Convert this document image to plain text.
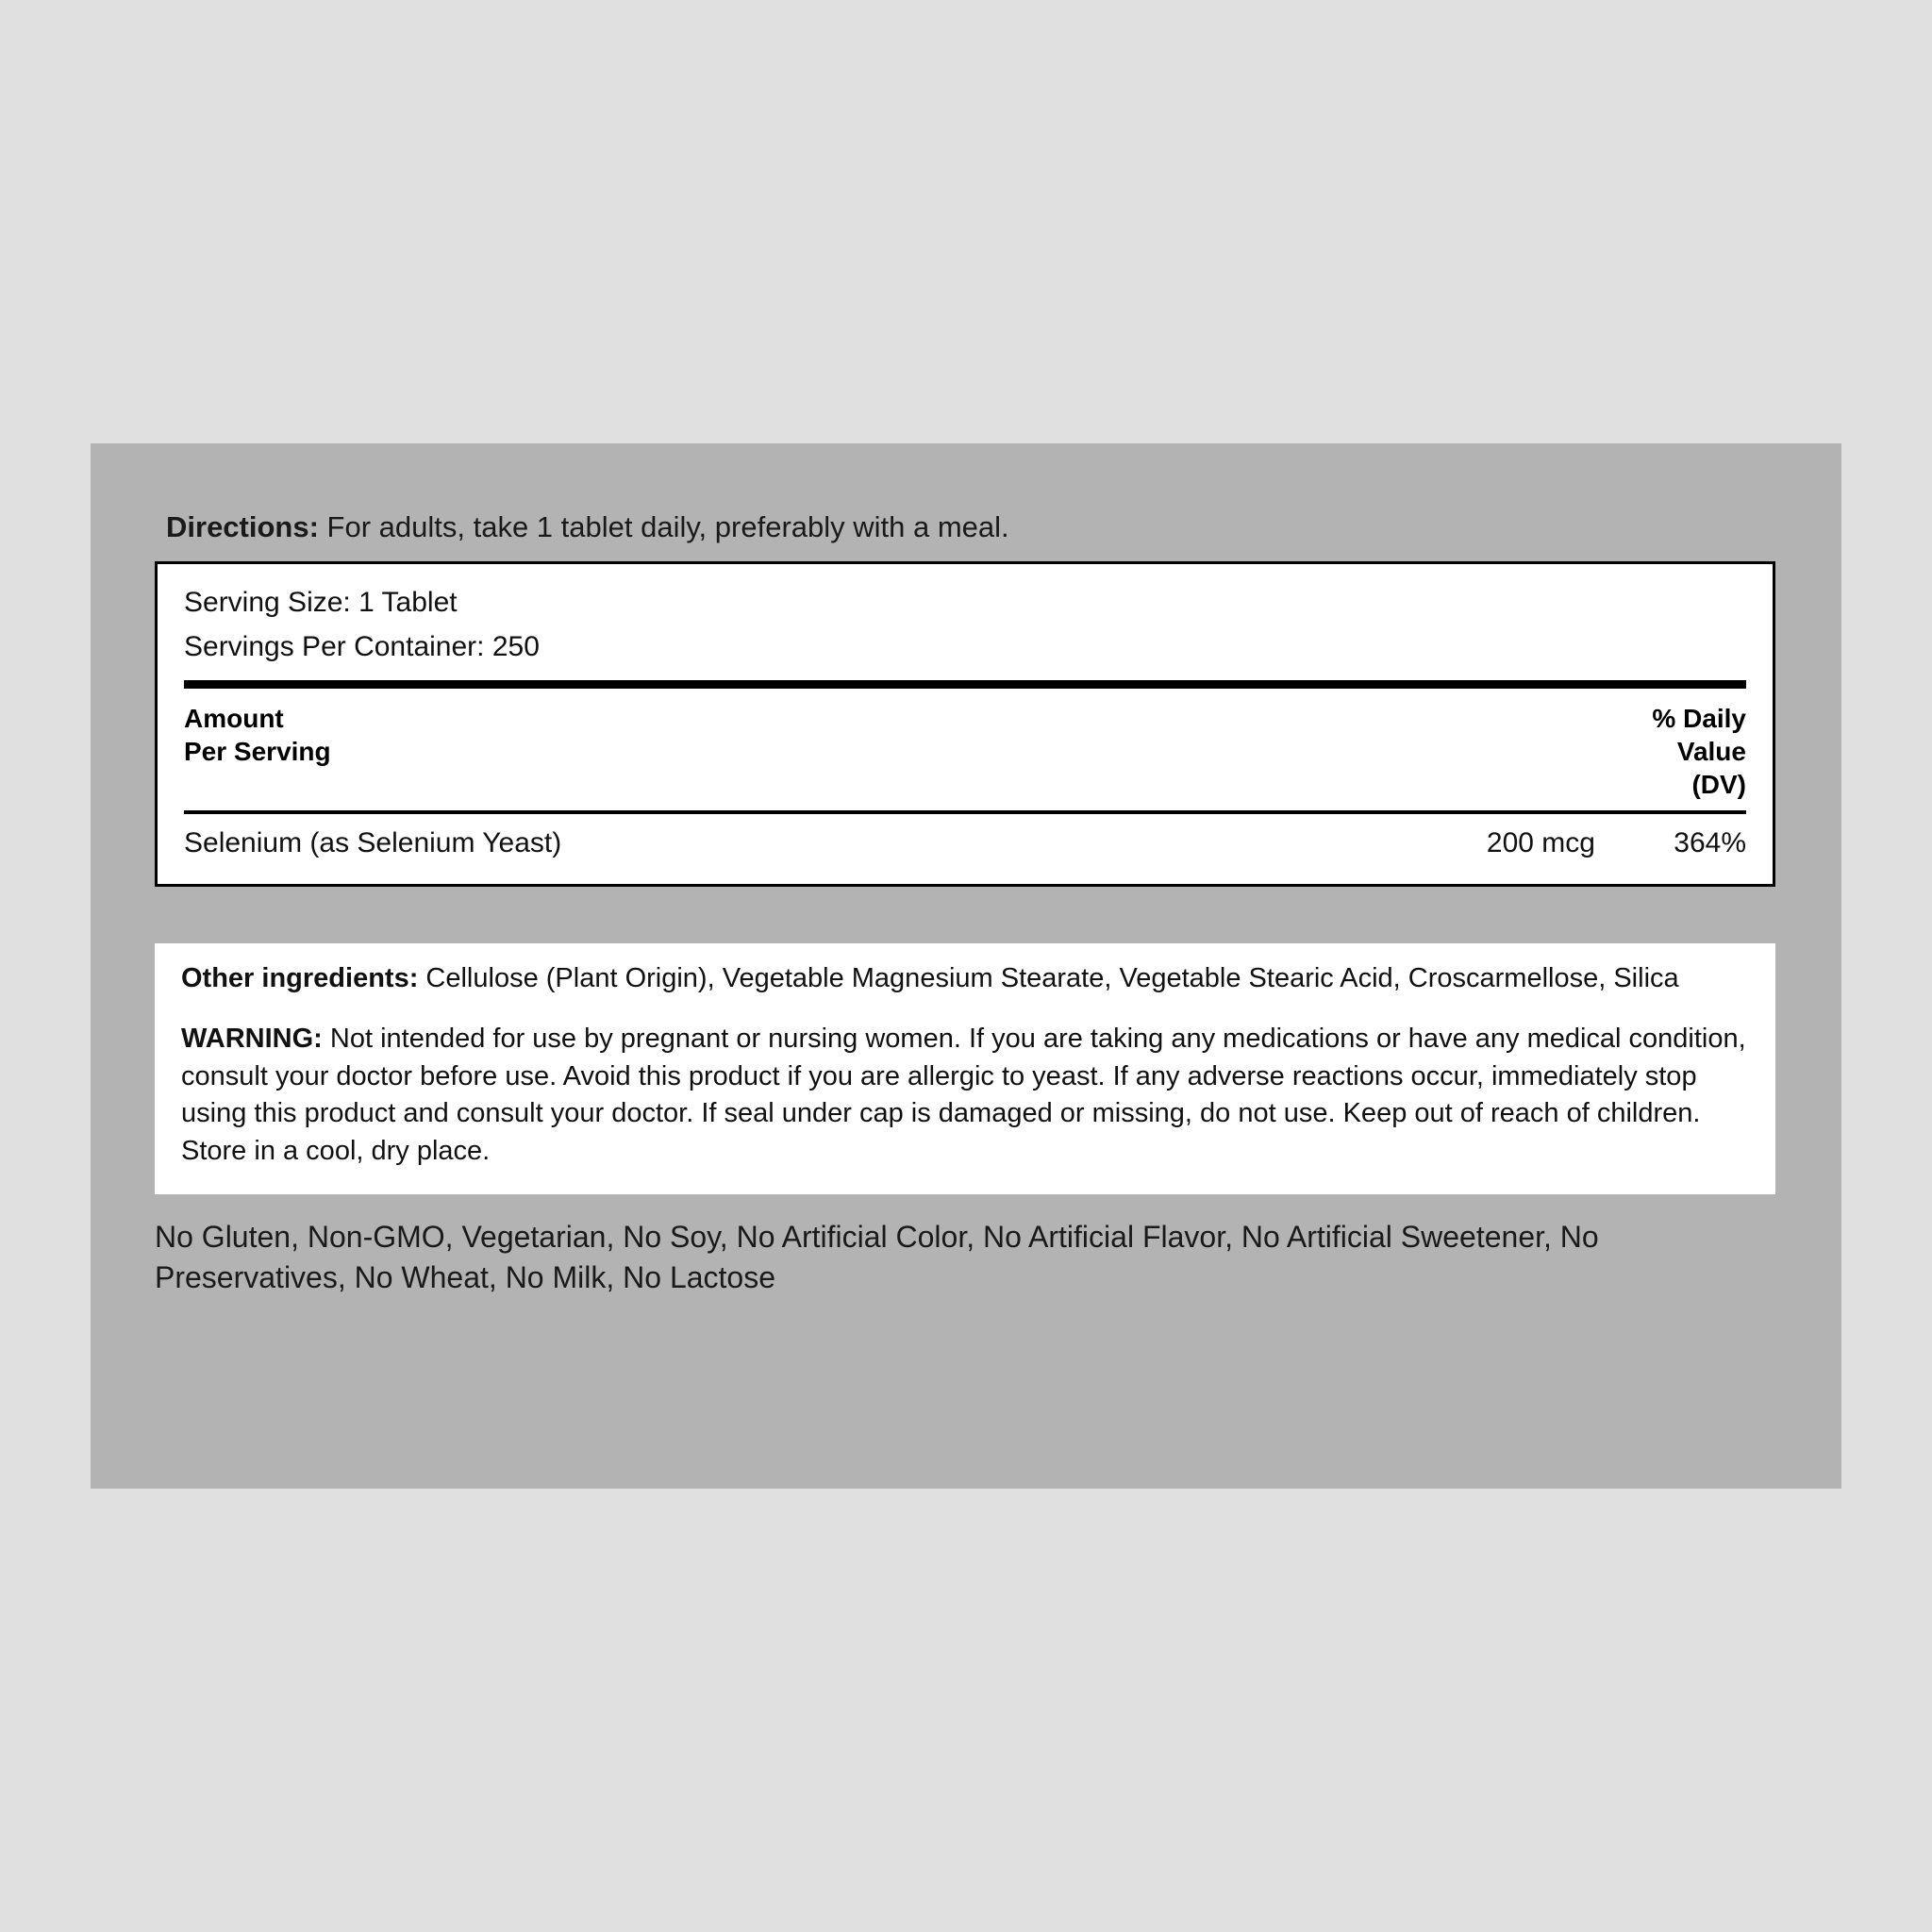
Directions: For adults, take 1 tablet daily, preferably with a meal.
Serving Size: 1 Tablet
Servings Per Container: 250
Amount
Per Serving
% Daily
Value
(DV)
Selenium (as Selenium Yeast)	200 mcg	364%

Other ingredients: Cellulose (Plant Origin), Vegetable Magnesium Stearate, Vegetable Stearic Acid, Croscarmellose, Silica

WARNING: Not intended for use by pregnant or nursing women. If you are taking any medications or have any medical condition, consult your doctor before use. Avoid this product if you are allergic to yeast. If any adverse reactions occur, immediately stop using this product and consult your doctor. If seal under cap is damaged or missing, do not use. Keep out of reach of children. Store in a cool, dry place.

No Gluten, Non-GMO, Vegetarian, No Soy, No Artificial Color, No Artificial Flavor, No Artificial Sweetener, No Preservatives, No Wheat, No Milk, No Lactose
